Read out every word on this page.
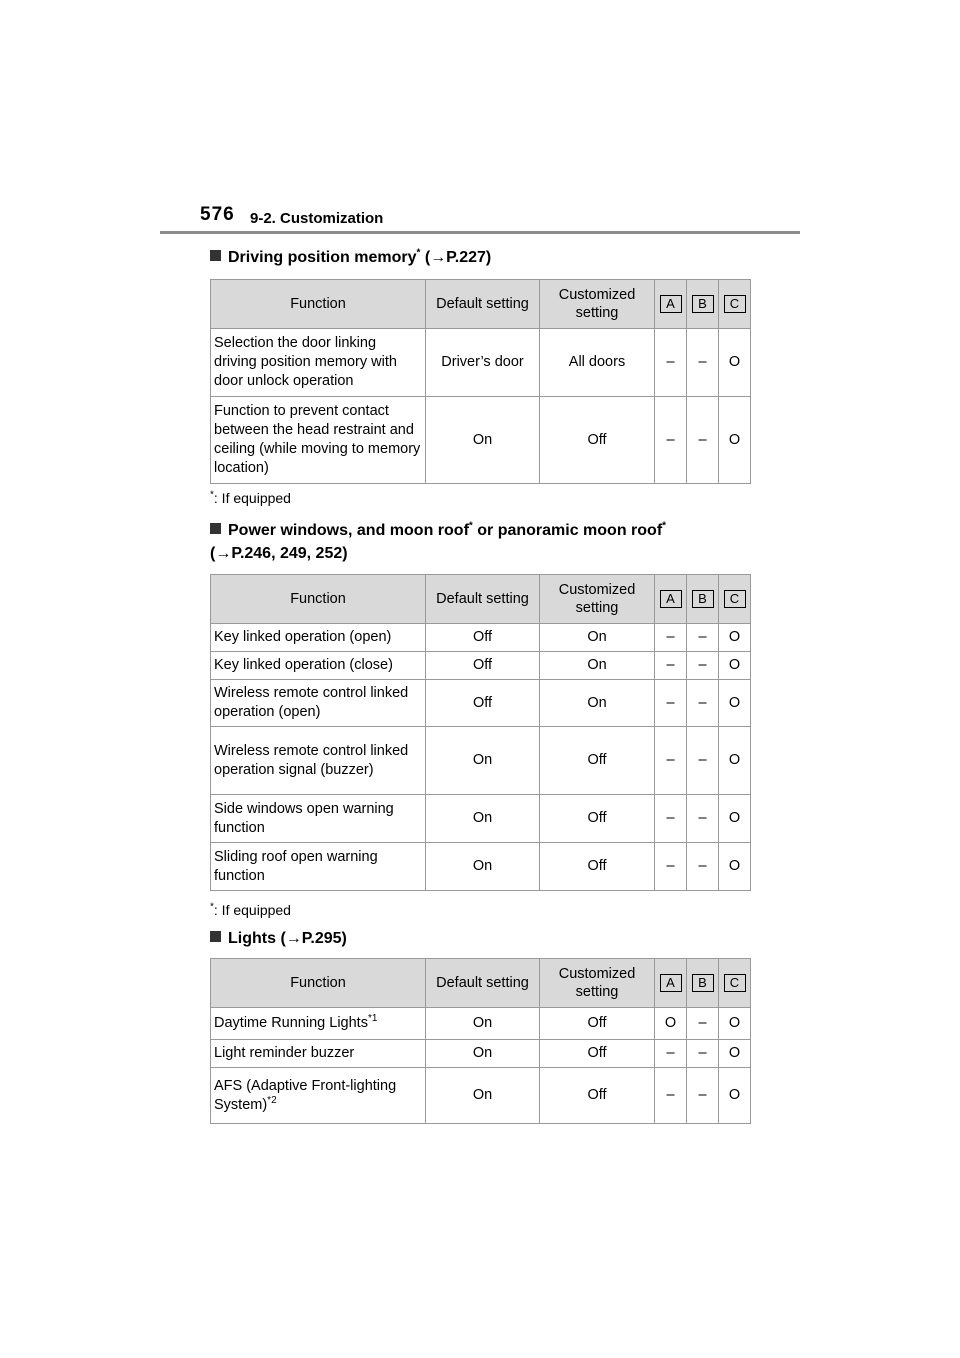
576 9-2. Customization
Driving position memory* (→P.227)
Function	Default setting	Customized setting	A	B	C
Selection the door linking driving position memory with door unlock operation	Driver’s door	All doors	–	–	O
Function to prevent contact between the head restraint and ceiling (while moving to memory location)	On	Off	–	–	O
*: If equipped
Power windows, and moon roof* or panoramic moon roof*
(→P.246, 249, 252)
Function	Default setting	Customized setting	A	B	C
Key linked operation (open)	Off	On	–	–	O
Key linked operation (close)	Off	On	–	–	O
Wireless remote control linked operation (open)	Off	On	–	–	O
Wireless remote control linked operation signal (buzzer)	On	Off	–	–	O
Side windows open warning function	On	Off	–	–	O
Sliding roof open warning function	On	Off	–	–	O
*: If equipped
Lights (→P.295)
Function	Default setting	Customized setting	A	B	C
Daytime Running Lights$^{*1}$	On	Off	O	–	O
Light reminder buzzer	On	Off	–	–	O
AFS (Adaptive Front-lighting System)$^{*2}$	On	Off	–	–	O
